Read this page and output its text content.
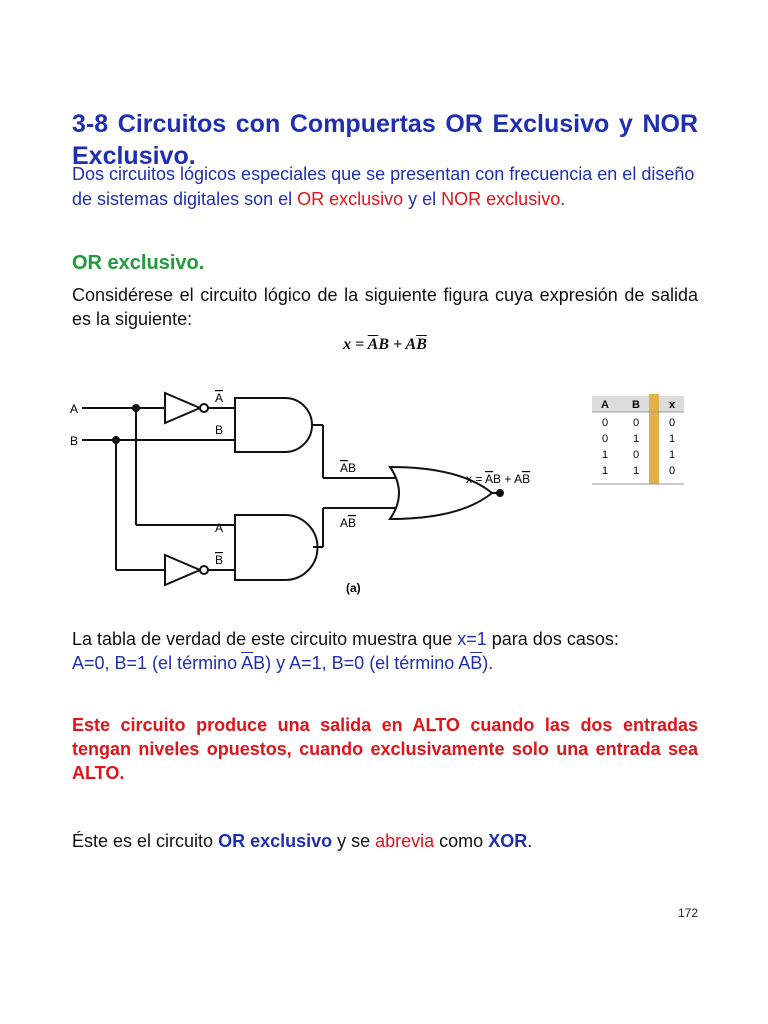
3-8 Circuitos con Compuertas OR Exclusivo y NOR Exclusivo.
Dos circuitos lógicos especiales que se presentan con frecuencia en el diseño de sistemas digitales son el OR exclusivo y el NOR exclusivo.
OR exclusivo.
Considérese el circuito lógico de la siguiente figura cuya expresión de salida es la siguiente:
$x = \overline{A}B + A\overline{B}$
A
B
A
B
A
B
AB
AB
x = AB + AB
(a)
A B	x
0 0	0
0 1	1
1 0	1
1 1	0
La tabla de verdad de este circuito muestra que x=1 para dos casos:
A=0, B=1 (el término $\overline{A}B$) y A=1, B=0 (el término $A\overline{B}$).
Este circuito produce una salida en ALTO cuando las dos entradas tengan niveles opuestos, cuando exclusivamente solo una entrada sea ALTO.
Éste es el circuito OR exclusivo y se abrevia como XOR.
172
